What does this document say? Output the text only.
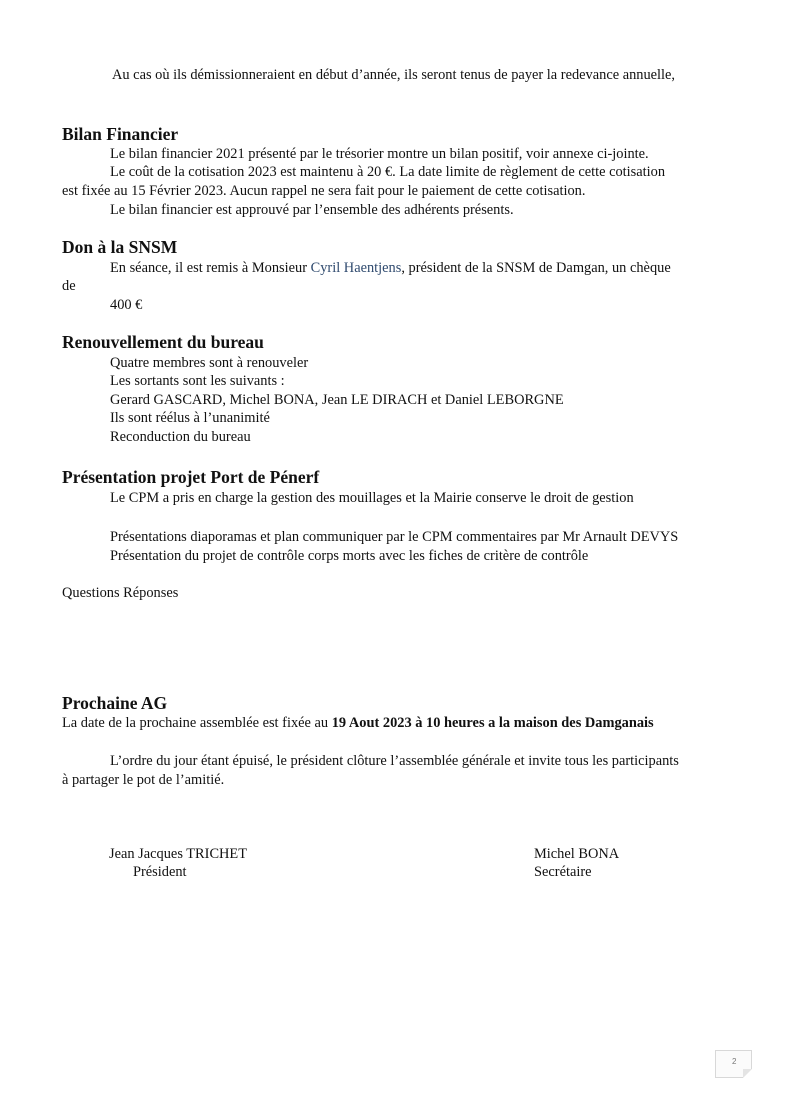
Au cas où ils démissionneraient en début d’année, ils seront tenus de payer la redevance annuelle,
Bilan Financier
Le bilan financier 2021 présenté par le trésorier montre un bilan positif, voir annexe ci-jointe.
Le coût de la cotisation 2023 est maintenu à 20 €. La date limite de règlement de cette cotisation
est fixée au 15 Février 2023. Aucun rappel ne sera fait pour le paiement de cette cotisation.
Le bilan financier est approuvé par l’ensemble des adhérents présents.
Don à la SNSM
En séance, il est remis à Monsieur Cyril Haentjens, président de la SNSM de Damgan, un chèque
de
400 €
Renouvellement du bureau
Quatre membres sont à renouveler
Les sortants sont les suivants :
Gerard GASCARD, Michel BONA, Jean LE DIRACH et Daniel LEBORGNE
Ils sont réélus à l’unanimité
Reconduction du bureau
Présentation projet Port de Pénerf
Le CPM a pris en charge la gestion des mouillages et la Mairie conserve le droit de gestion
Présentations diaporamas et plan communiquer par le CPM commentaires par Mr Arnault DEVYS
Présentation du projet de contrôle corps morts avec les fiches de critère de contrôle
Questions Réponses
Prochaine AG
La date de la prochaine assemblée est fixée au 19 Aout 2023 à 10 heures a la maison des Damganais
L’ordre du jour étant épuisé, le président clôture l’assemblée générale et invite tous les participants
à partager le pot de l’amitié.
Jean Jacques TRICHET
Président
Michel BONA
Secrétaire
2
